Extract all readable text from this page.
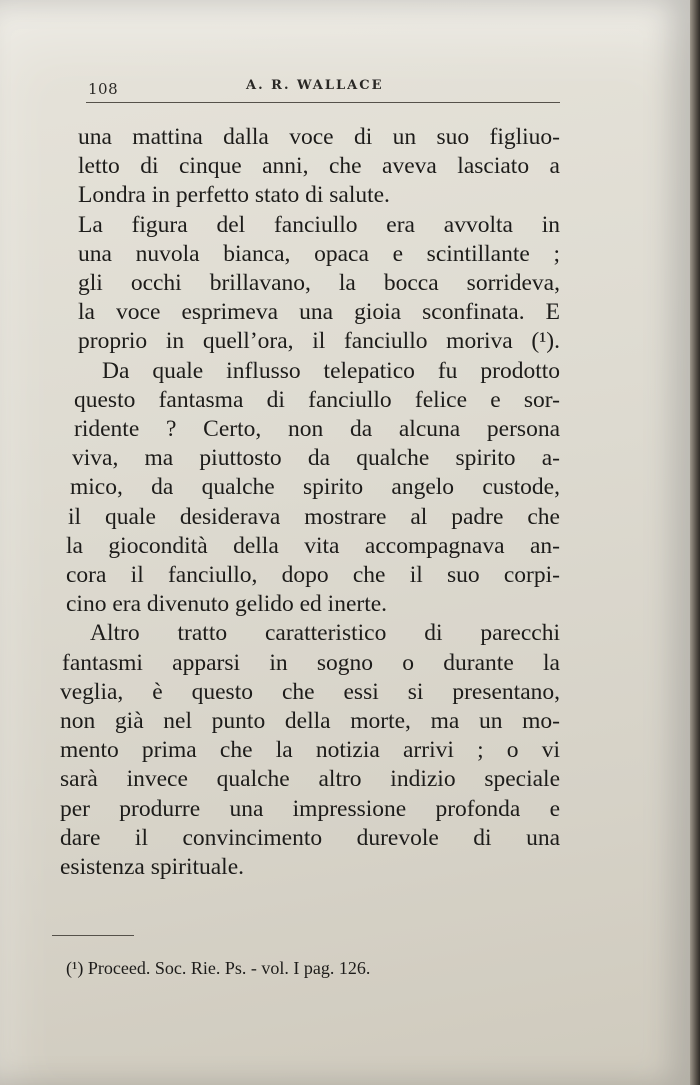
108	A. R. WALLACE
una mattina dalla voce di un suo figliuo-
letto di cinque anni, che aveva lasciato a
Londra in perfetto stato di salute.
La figura del fanciullo era avvolta in
una nuvola bianca, opaca e scintillante ;
gli occhi brillavano, la bocca sorrideva,
la voce esprimeva una gioia sconfinata. E
proprio in quell’ora, il fanciullo moriva (¹).
Da quale influsso telepatico fu prodotto
questo fantasma di fanciullo felice e sor-
ridente ? Certo, non da alcuna persona
viva, ma piuttosto da qualche spirito a-
mico, da qualche spirito angelo custode,
il quale desiderava mostrare al padre che
la giocondità della vita accompagnava an-
cora il fanciullo, dopo che il suo corpi-
cino era divenuto gelido ed inerte.
Altro tratto caratteristico di parecchi
fantasmi apparsi in sogno o durante la
veglia, è questo che essi si presentano,
non già nel punto della morte, ma un mo-
mento prima che la notizia arrivi ; o vi
sarà invece qualche altro indizio speciale
per produrre una impressione profonda e
dare il convincimento durevole di una
esistenza spirituale.
(¹) Proceed. Soc. Rie. Ps. - vol. I pag. 126.
